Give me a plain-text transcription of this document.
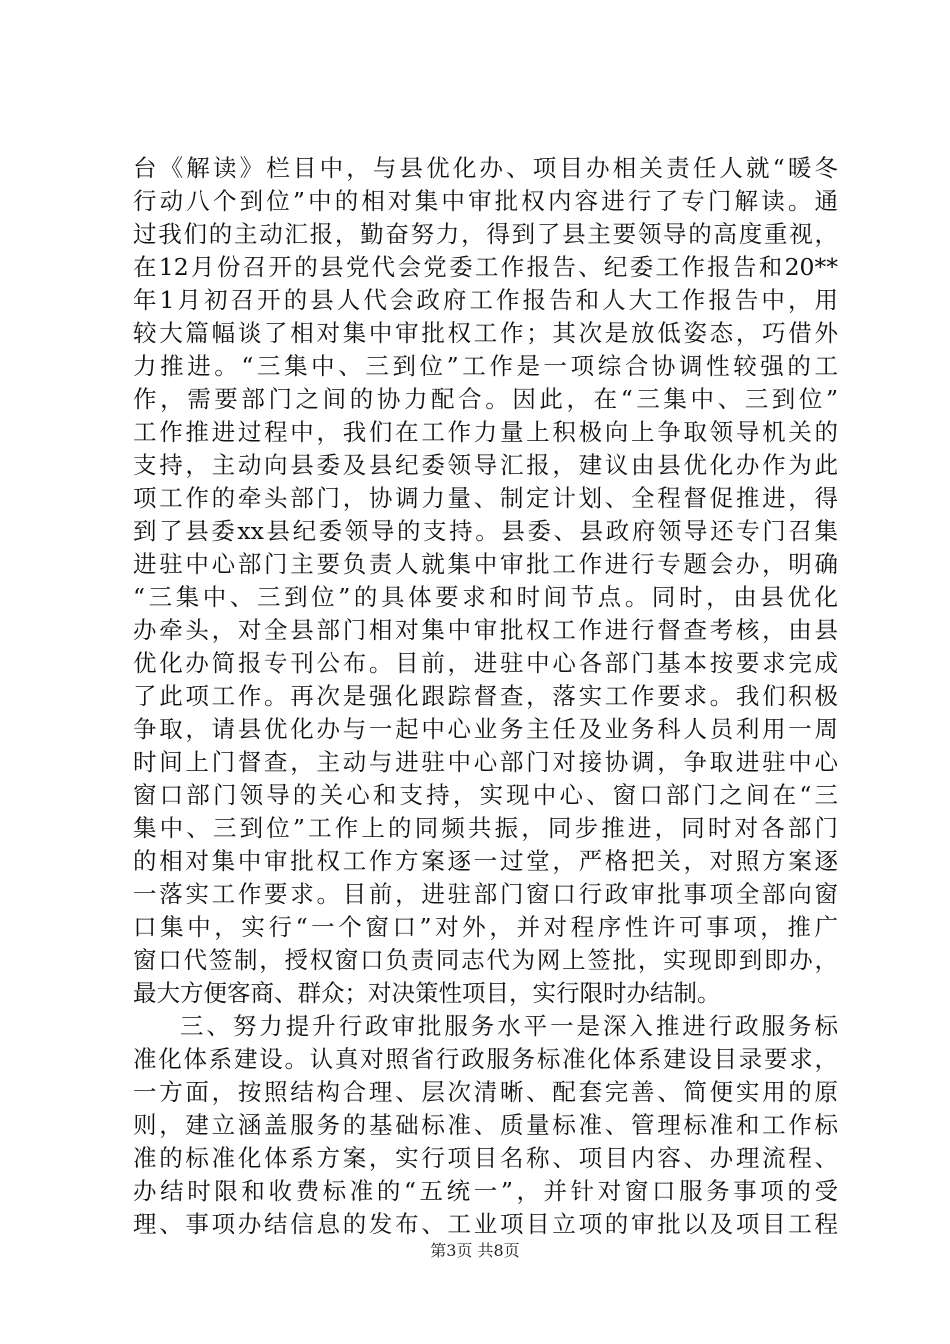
台《解读》栏目中，与县优化办、项目办相关责任人就“暖冬
行动八个到位”中的相对集中审批权内容进行了专门解读。通
过我们的主动汇报，勤奋努力，得到了县主要领导的高度重视，
在12月份召开的县党代会党委工作报告、纪委工作报告和20**
年1月初召开的县人代会政府工作报告和人大工作报告中，用
较大篇幅谈了相对集中审批权工作；其次是放低姿态，巧借外
力推进。“三集中、三到位”工作是一项综合协调性较强的工
作，需要部门之间的协力配合。因此，在“三集中、三到位”
工作推进过程中，我们在工作力量上积极向上争取领导机关的
支持，主动向县委及县纪委领导汇报，建议由县优化办作为此
项工作的牵头部门，协调力量、制定计划、全程督促推进，得
到了县委xx县纪委领导的支持。县委、县政府领导还专门召集
进驻中心部门主要负责人就集中审批工作进行专题会办，明确
“三集中、三到位”的具体要求和时间节点。同时，由县优化
办牵头，对全县部门相对集中审批权工作进行督查考核，由县
优化办简报专刊公布。目前，进驻中心各部门基本按要求完成
了此项工作。再次是强化跟踪督查，落实工作要求。我们积极
争取，请县优化办与一起中心业务主任及业务科人员利用一周
时间上门督查，主动与进驻中心部门对接协调，争取进驻中心
窗口部门领导的关心和支持，实现中心、窗口部门之间在“三
集中、三到位”工作上的同频共振，同步推进，同时对各部门
的相对集中审批权工作方案逐一过堂，严格把关，对照方案逐
一落实工作要求。目前，进驻部门窗口行政审批事项全部向窗
口集中，实行“一个窗口”对外，并对程序性许可事项，推广
窗口代签制，授权窗口负责同志代为网上签批，实现即到即办，
最大方便客商、群众；对决策性项目，实行限时办结制。
三、努力提升行政审批服务水平一是深入推进行政服务标
准化体系建设。认真对照省行政服务标准化体系建设目录要求，
一方面，按照结构合理、层次清晰、配套完善、简便实用的原
则，建立涵盖服务的基础标准、质量标准、管理标准和工作标
准的标准化体系方案，实行项目名称、项目内容、办理流程、
办结时限和收费标准的“五统一”，并针对窗口服务事项的受
理、事项办结信息的发布、工业项目立项的审批以及项目工程
第3页 共8页
